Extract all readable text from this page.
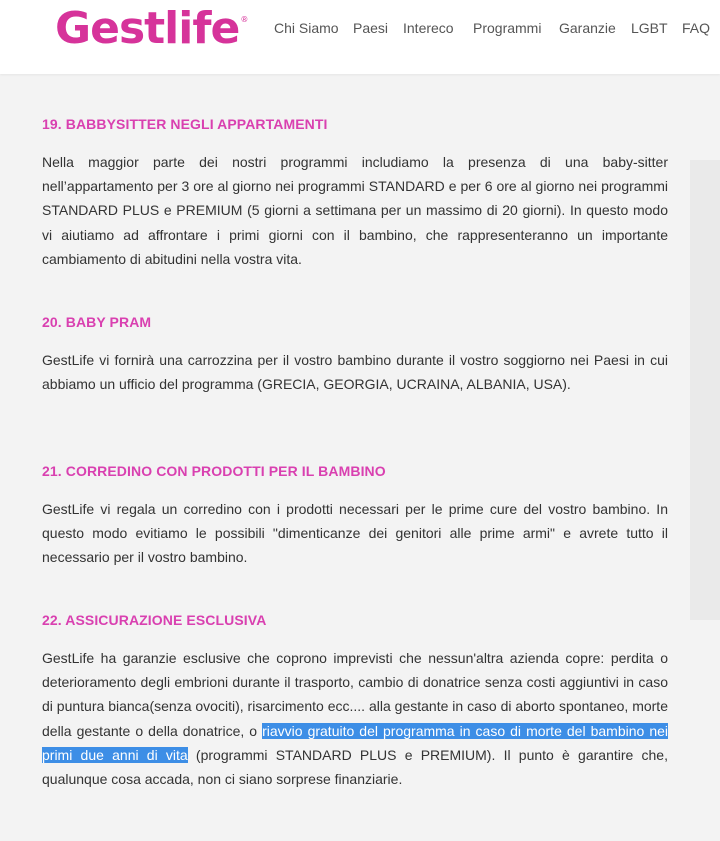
Gestlife ®
Chi Siamo Paesi Intereco Programmi Garanzie LGBT FAQ
19. BABBYSITTER NEGLI APPARTAMENTI

Nella maggior parte dei nostri programmi includiamo la presenza di una baby-sitter nell’appartamento per 3 ore al giorno nei programmi STANDARD e per 6 ore al giorno nei programmi STANDARD PLUS e PREMIUM (5 giorni a settimana per un massimo di 20 giorni). In questo modo vi aiutiamo ad affrontare i primi giorni con il bambino, che rappresenteranno un importante cambiamento di abitudini nella vostra vita.

20. BABY PRAM

GestLife vi fornirà una carrozzina per il vostro bambino durante il vostro soggiorno nei Paesi in cui abbiamo un ufficio del programma (GRECIA, GEORGIA, UCRAINA, ALBANIA, USA).

21. CORREDINO CON PRODOTTI PER IL BAMBINO

GestLife vi regala un corredino con i prodotti necessari per le prime cure del vostro bambino. In questo modo evitiamo le possibili "dimenticanze dei genitori alle prime armi" e avrete tutto il necessario per il vostro bambino.

22. ASSICURAZIONE ESCLUSIVA

GestLife ha garanzie esclusive che coprono imprevisti che nessun'altra azienda copre: perdita o deterioramento degli embrioni durante il trasporto, cambio di donatrice senza costi aggiuntivi in caso di puntura bianca(senza ovociti), risarcimento ecc.... alla gestante in caso di aborto spontaneo, morte della gestante o della donatrice, o riavvio gratuito del programma in caso di morte del bambino nei primi due anni di vita (programmi STANDARD PLUS e PREMIUM). Il punto è garantire che, qualunque cosa accada, non ci siano sorprese finanziarie.
